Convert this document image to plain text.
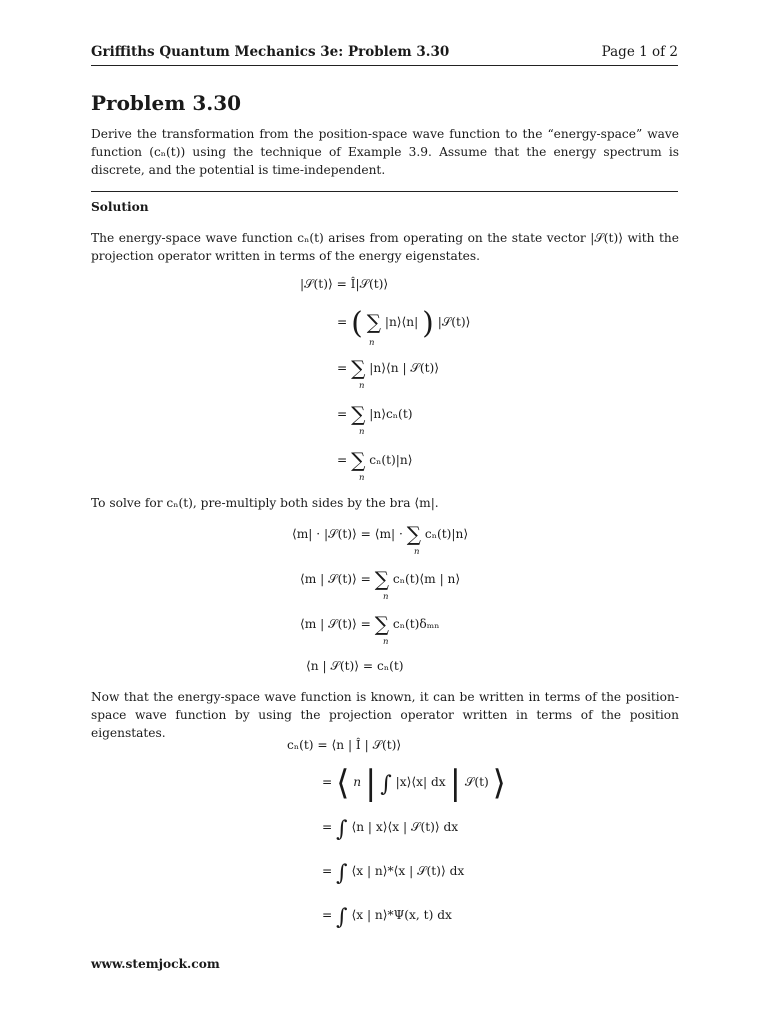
Griffiths Quantum Mechanics 3e: Problem 3.30	Page 1 of 2
Problem 3.30
Derive the transformation from the position-space wave function to the “energy-space” wave function (cₙ(t)) using the technique of Example 3.9. Assume that the energy spectrum is discrete, and the potential is time-independent.
Solution
The energy-space wave function cₙ(t) arises from operating on the state vector |𝒮(t)⟩ with the projection operator written in terms of the energy eigenstates.
|𝒮(t)⟩ = Î|𝒮(t)⟩
= ( ∑ |n⟩⟨n| ) |𝒮(t)⟩
n
= ∑ |n⟩⟨n | 𝒮(t)⟩
n
= ∑ |n⟩cₙ(t)
n
= ∑ cₙ(t)|n⟩
n
To solve for cₙ(t), pre-multiply both sides by the bra ⟨m|.
⟨m| · |𝒮(t)⟩ = ⟨m| · ∑ cₙ(t)|n⟩
n
⟨m | 𝒮(t)⟩ = ∑ cₙ(t)⟨m | n⟩
n
⟨m | 𝒮(t)⟩ = ∑ cₙ(t)δₘₙ
n
⟨n | 𝒮(t)⟩ = cₙ(t)
Now that the energy-space wave function is known, it can be written in terms of the position-space wave function by using the projection operator written in terms of the position eigenstates.
cₙ(t) = ⟨n | Î | 𝒮(t)⟩
= ⟨ n | ∫ |x⟩⟨x| dx | 𝒮(t) ⟩
= ∫ ⟨n | x⟩⟨x | 𝒮(t)⟩ dx
= ∫ ⟨x | n⟩*⟨x | 𝒮(t)⟩ dx
= ∫ ⟨x | n⟩*Ψ(x, t) dx
www.stemjock.com
